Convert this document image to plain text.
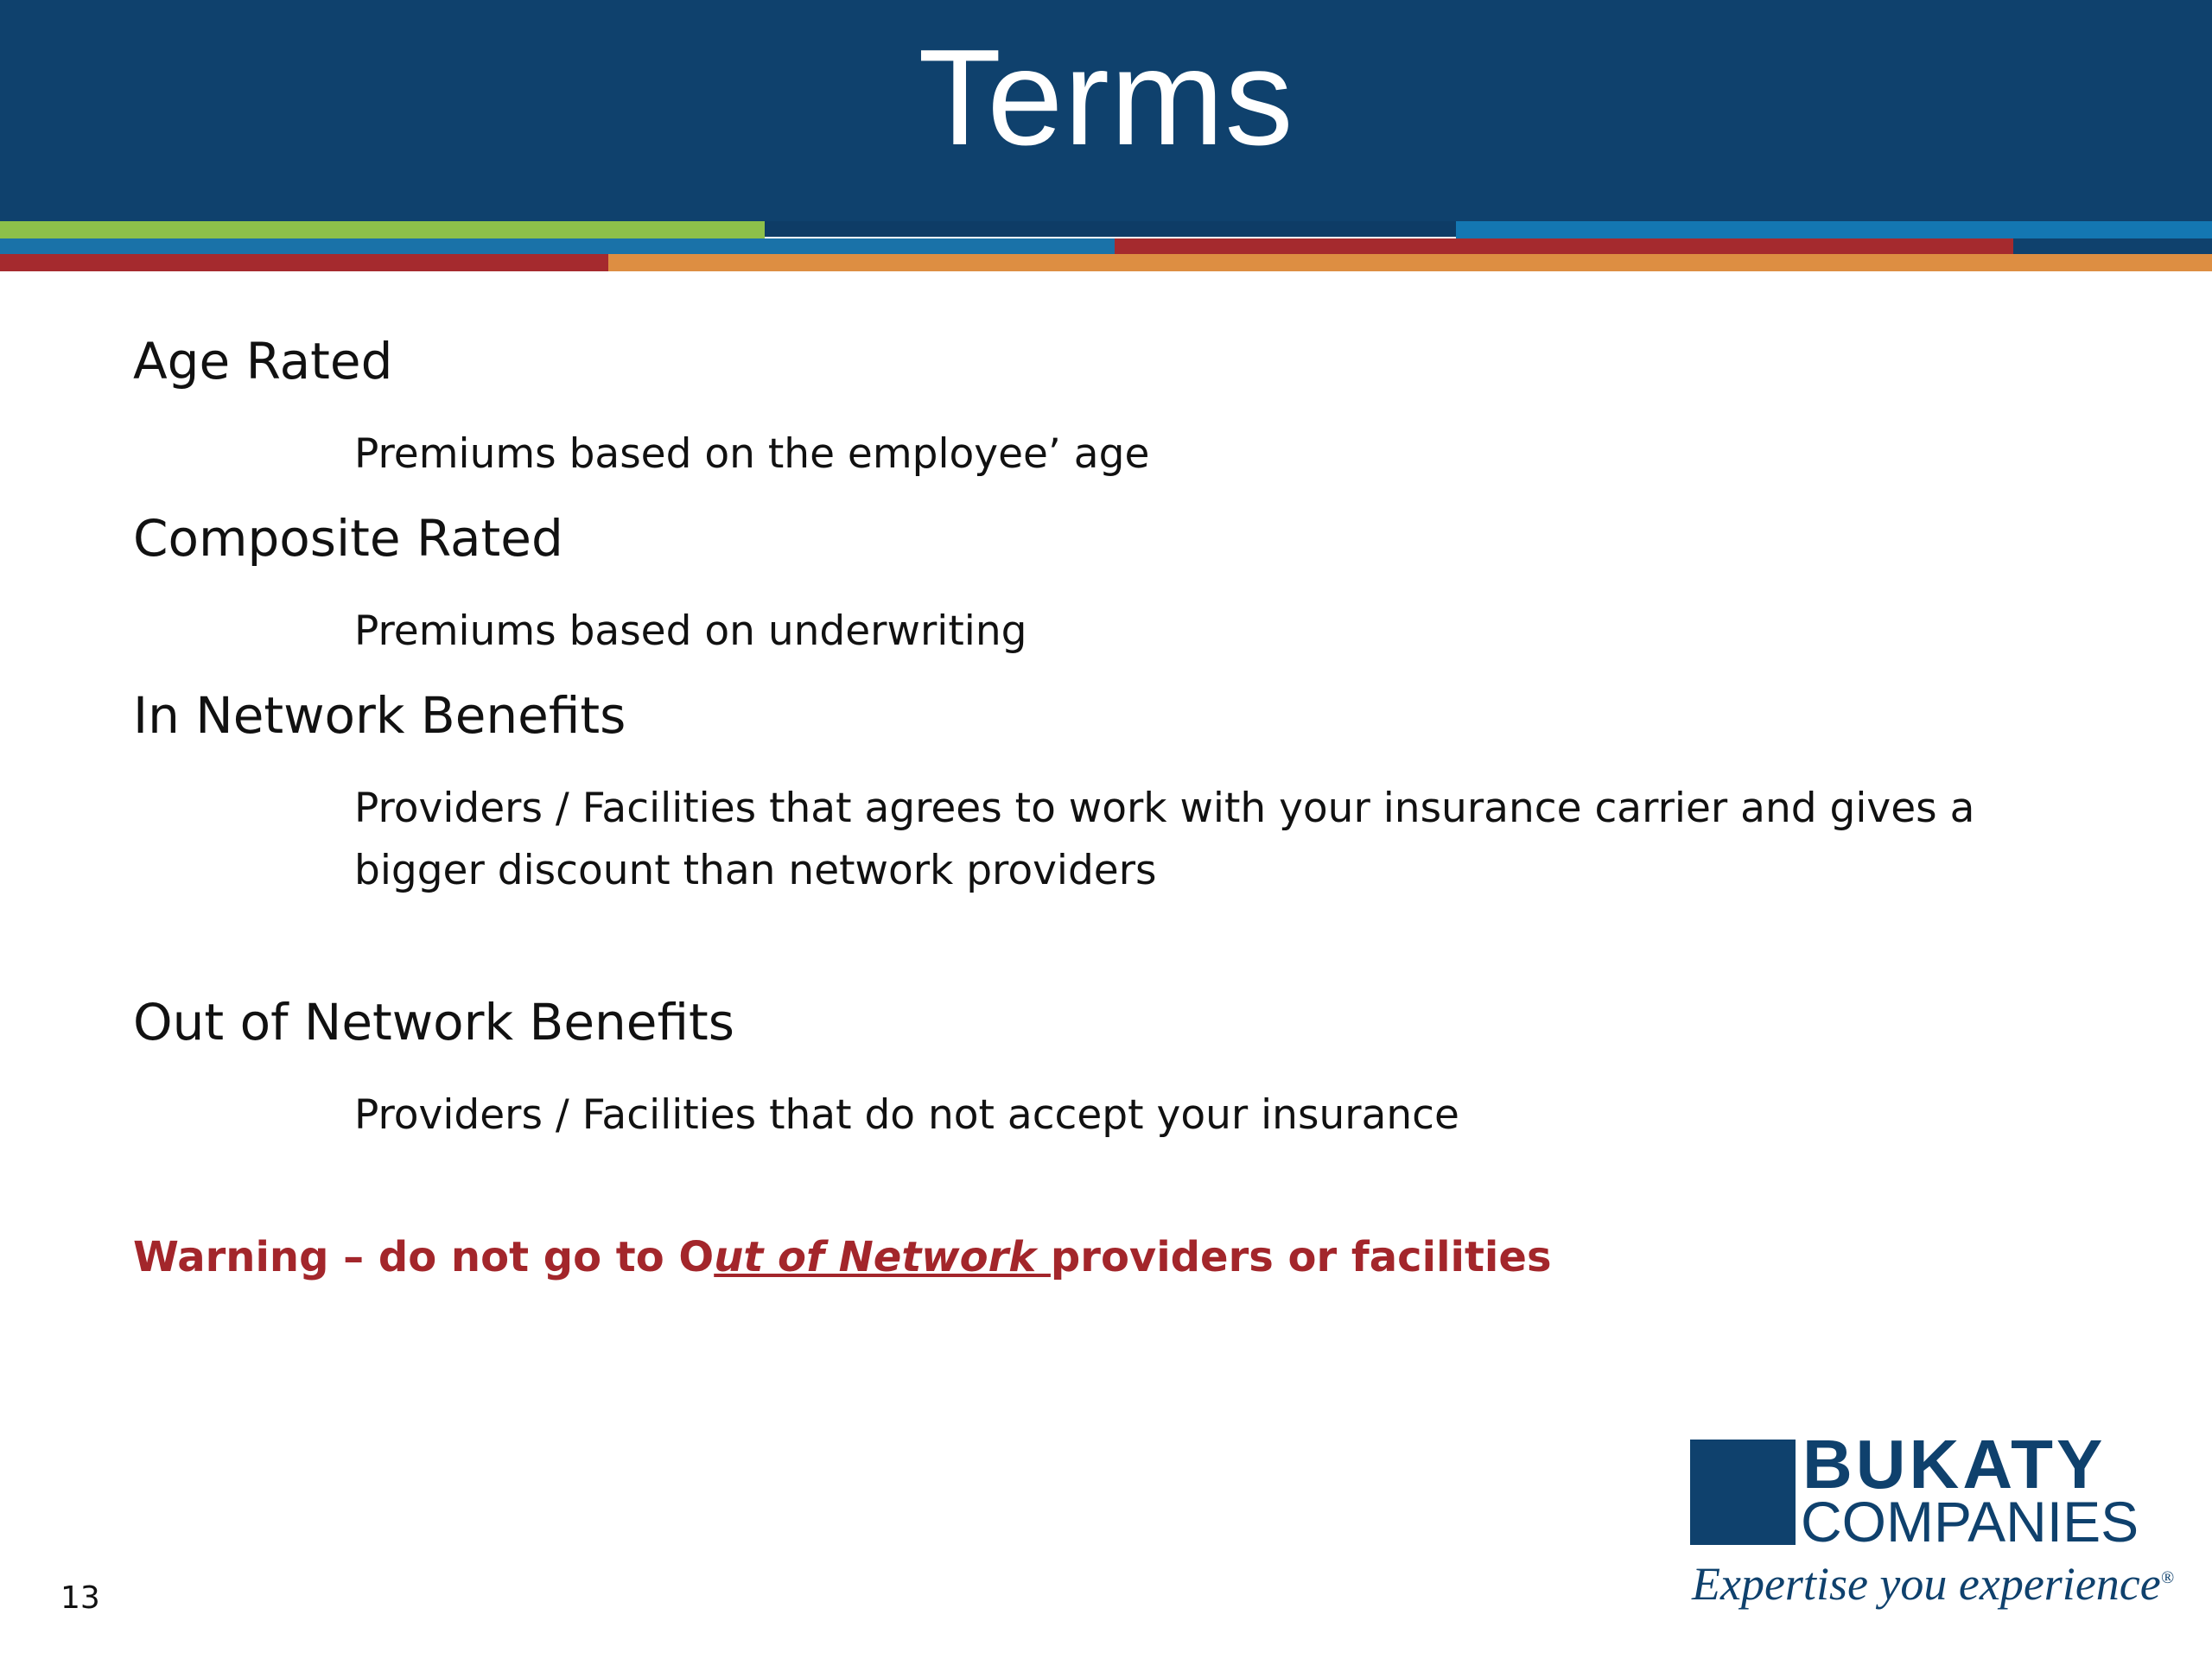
Terms
Age Rated
Premiums based on the employee’ age
Composite Rated
Premiums based on underwriting
In Network Benefits
Providers / Facilities that agrees to work with your insurance carrier and gives a bigger discount than network providers
Out of Network Benefits
Providers / Facilities that do not accept your insurance
Warning – do not go to Out of Network providers or facilities
BUKATY
COMPANIES
Expertise you experience®
13
